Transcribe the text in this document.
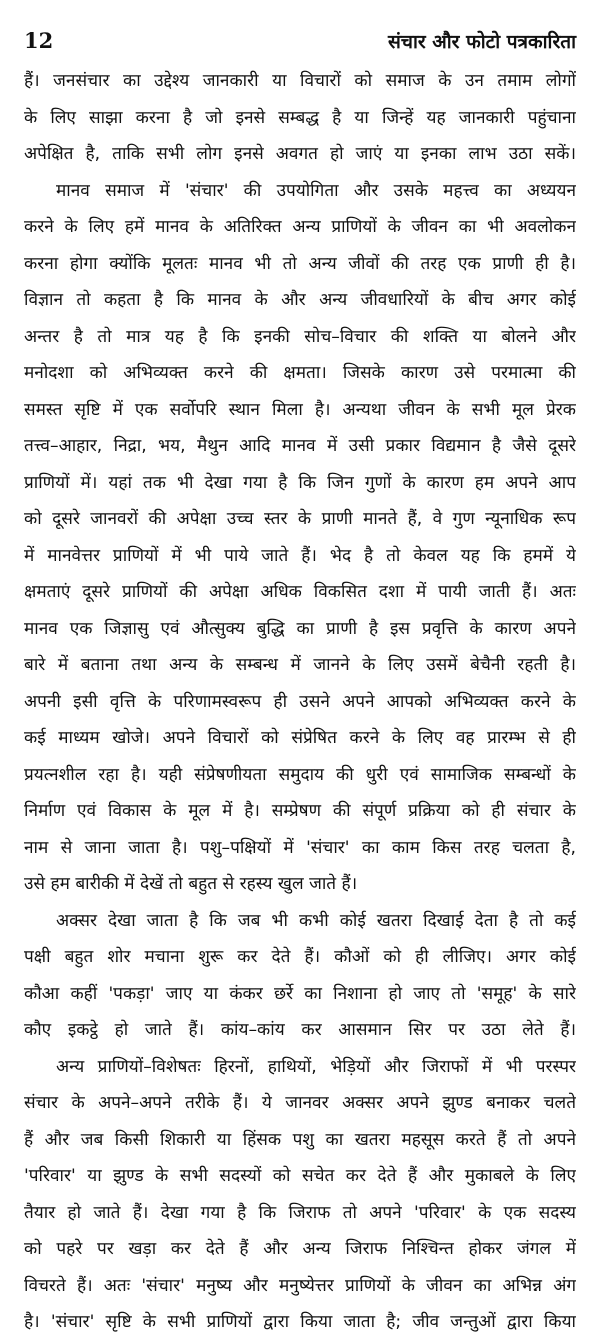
12	संचार और फोटो पत्रकारिता
हैं। जनसंचार का उद्देश्य जानकारी या विचारों को समाज के उन तमाम लोगों
के लिए साझा करना है जो इनसे सम्बद्ध है या जिन्हें यह जानकारी पहुंचाना
अपेक्षित है, ताकि सभी लोग इनसे अवगत हो जाएं या इनका लाभ उठा सकें।
मानव समाज में 'संचार' की उपयोगिता और उसके महत्त्व का अध्ययन
करने के लिए हमें मानव के अतिरिक्त अन्य प्राणियों के जीवन का भी अवलोकन
करना होगा क्योंकि मूलतः मानव भी तो अन्य जीवों की तरह एक प्राणी ही है।
विज्ञान तो कहता है कि मानव के और अन्य जीवधारियों के बीच अगर कोई
अन्तर है तो मात्र यह है कि इनकी सोच–विचार की शक्ति या बोलने और
मनोदशा को अभिव्यक्त करने की क्षमता। जिसके कारण उसे परमात्मा की
समस्त सृष्टि में एक सर्वोपरि स्थान मिला है। अन्यथा जीवन के सभी मूल प्रेरक
तत्त्व–आहार, निद्रा, भय, मैथुन आदि मानव में उसी प्रकार विद्यमान है जैसे दूसरे
प्राणियों में। यहां तक भी देखा गया है कि जिन गुणों के कारण हम अपने आप
को दूसरे जानवरों की अपेक्षा उच्च स्तर के प्राणी मानते हैं, वे गुण न्यूनाधिक रूप
में मानवेत्तर प्राणियों में भी पाये जाते हैं। भेद है तो केवल यह कि हममें ये
क्षमताएं दूसरे प्राणियों की अपेक्षा अधिक विकसित दशा में पायी जाती हैं। अतः
मानव एक जिज्ञासु एवं औत्सुक्य बुद्धि का प्राणी है इस प्रवृत्ति के कारण अपने
बारे में बताना तथा अन्य के सम्बन्ध में जानने के लिए उसमें बेचैनी रहती है।
अपनी इसी वृत्ति के परिणामस्वरूप ही उसने अपने आपको अभिव्यक्त करने के
कई माध्यम खोजे। अपने विचारों को संप्रेषित करने के लिए वह प्रारम्भ से ही
प्रयत्नशील रहा है। यही संप्रेषणीयता समुदाय की धुरी एवं सामाजिक सम्बन्धों के
निर्माण एवं विकास के मूल में है। सम्प्रेषण की संपूर्ण प्रक्रिया को ही संचार के
नाम से जाना जाता है। पशु–पक्षियों में 'संचार' का काम किस तरह चलता है,
उसे हम बारीकी में देखें तो बहुत से रहस्य खुल जाते हैं।
अक्सर देखा जाता है कि जब भी कभी कोई खतरा दिखाई देता है तो कई
पक्षी बहुत शोर मचाना शुरू कर देते हैं। कौओं को ही लीजिए। अगर कोई
कौआ कहीं 'पकड़ा' जाए या कंकर छर्रे का निशाना हो जाए तो 'समूह' के सारे
कौए इकट्ठे हो जाते हैं। कांय–कांय कर आसमान सिर पर उठा लेते हैं।
अन्य प्राणियों–विशेषतः हिरनों, हाथियों, भेड़ियों और जिराफों में भी परस्पर
संचार के अपने–अपने तरीके हैं। ये जानवर अक्सर अपने झुण्ड बनाकर चलते
हैं और जब किसी शिकारी या हिंसक पशु का खतरा महसूस करते हैं तो अपने
'परिवार' या झुण्ड के सभी सदस्यों को सचेत कर देते हैं और मुकाबले के लिए
तैयार हो जाते हैं। देखा गया है कि जिराफ तो अपने 'परिवार' के एक सदस्य
को पहरे पर खड़ा कर देते हैं और अन्य जिराफ निश्चिन्त होकर जंगल में
विचरते हैं। अतः 'संचार' मनुष्य और मनुष्येत्तर प्राणियों के जीवन का अभिन्न अंग
है। 'संचार' सृष्टि के सभी प्राणियों द्वारा किया जाता है; जीव जन्तुओं द्वारा किया
